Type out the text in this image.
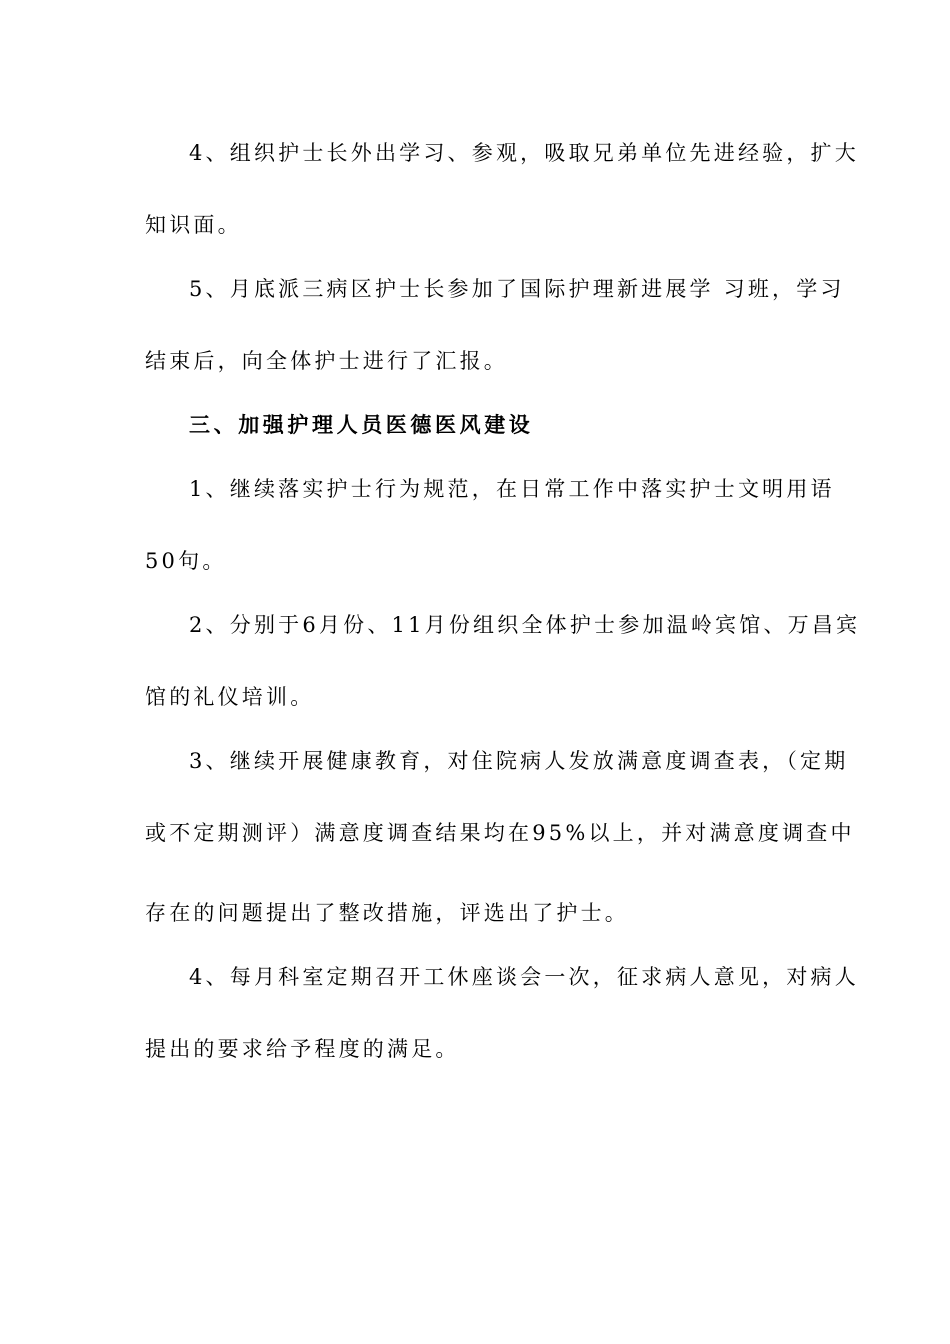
4、组织护士长外出学习、参观，吸取兄弟单位先进经验，扩大
知识面。
5、月底派三病区护士长参加了国际护理新进展学 习班，学习
结束后，向全体护士进行了汇报。
三、加强护理人员医德医风建设
1、继续落实护士行为规范，在日常工作中落实护士文明用语
50句。
2、分别于6月份、11月份组织全体护士参加温岭宾馆、万昌宾
馆的礼仪培训。
3、继续开展健康教育，对住院病人发放满意度调查表，（定期
或不定期测评）满意度调查结果均在95%以上，并对满意度调查中
存在的问题提出了整改措施，评选出了护士。
4、每月科室定期召开工休座谈会一次，征求病人意见，对病人
提出的要求给予程度的满足。
